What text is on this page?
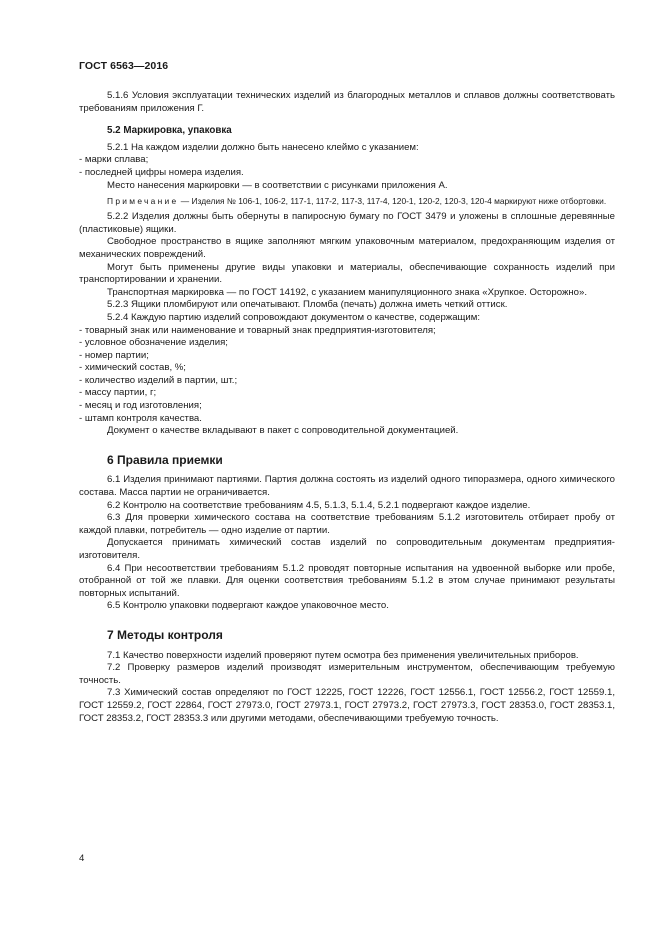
ГОСТ 6563—2016

5.1.6 Условия эксплуатации технических изделий из благородных металлов и сплавов должны соответствовать требованиям приложения Г.

5.2 Маркировка, упаковка

5.2.1 На каждом изделии должно быть нанесено клеймо с указанием:

- марки сплава;

- последней цифры номера изделия.

Место нанесения маркировки — в соответствии с рисунками приложения А.

Примечание — Изделия № 106-1, 106-2, 117-1, 117-2, 117-3, 117-4, 120-1, 120-2, 120-3, 120-4 маркируют ниже отбортовки.

5.2.2 Изделия должны быть обернуты в папиросную бумагу по ГОСТ 3479 и уложены в сплошные деревянные (пластиковые) ящики.

Свободное пространство в ящике заполняют мягким упаковочным материалом, предохраняющим изделия от механических повреждений.

Могут быть применены другие виды упаковки и материалы, обеспечивающие сохранность изделий при транспортировании и хранении.

Транспортная маркировка — по ГОСТ 14192, с указанием манипуляционного знака «Хрупкое. Осторожно».

5.2.3 Ящики пломбируют или опечатывают. Пломба (печать) должна иметь четкий оттиск.

5.2.4 Каждую партию изделий сопровождают документом о качестве, содержащим:

- товарный знак или наименование и товарный знак предприятия-изготовителя;

- условное обозначение изделия;

- номер партии;

- химический состав, %;

- количество изделий в партии, шт.;

- массу партии, г;

- месяц и год изготовления;

- штамп контроля качества.

Документ о качестве вкладывают в пакет с сопроводительной документацией.

6 Правила приемки

6.1 Изделия принимают партиями. Партия должна состоять из изделий одного типоразмера, одного химического состава. Масса партии не ограничивается.

6.2 Контролю на соответствие требованиям 4.5, 5.1.3, 5.1.4, 5.2.1 подвергают каждое изделие.

6.3 Для проверки химического состава на соответствие требованиям 5.1.2 изготовитель отбирает пробу от каждой плавки, потребитель — одно изделие от партии.

Допускается принимать химический состав изделий по сопроводительным документам предприятия-изготовителя.

6.4 При несоответствии требованиям 5.1.2 проводят повторные испытания на удвоенной выборке или пробе, отобранной от той же плавки. Для оценки соответствия требованиям 5.1.2 в этом случае принимают результаты повторных испытаний.

6.5 Контролю упаковки подвергают каждое упаковочное место.

7 Методы контроля

7.1 Качество поверхности изделий проверяют путем осмотра без применения увеличительных приборов.

7.2 Проверку размеров изделий производят измерительным инструментом, обеспечивающим требуемую точность.

7.3 Химический состав определяют по ГОСТ 12225, ГОСТ 12226, ГОСТ 12556.1, ГОСТ 12556.2, ГОСТ 12559.1, ГОСТ 12559.2, ГОСТ 22864, ГОСТ 27973.0, ГОСТ 27973.1, ГОСТ 27973.2, ГОСТ 27973.3, ГОСТ 28353.0, ГОСТ 28353.1, ГОСТ 28353.2, ГОСТ 28353.3 или другими методами, обеспечивающими требуемую точность.

4
